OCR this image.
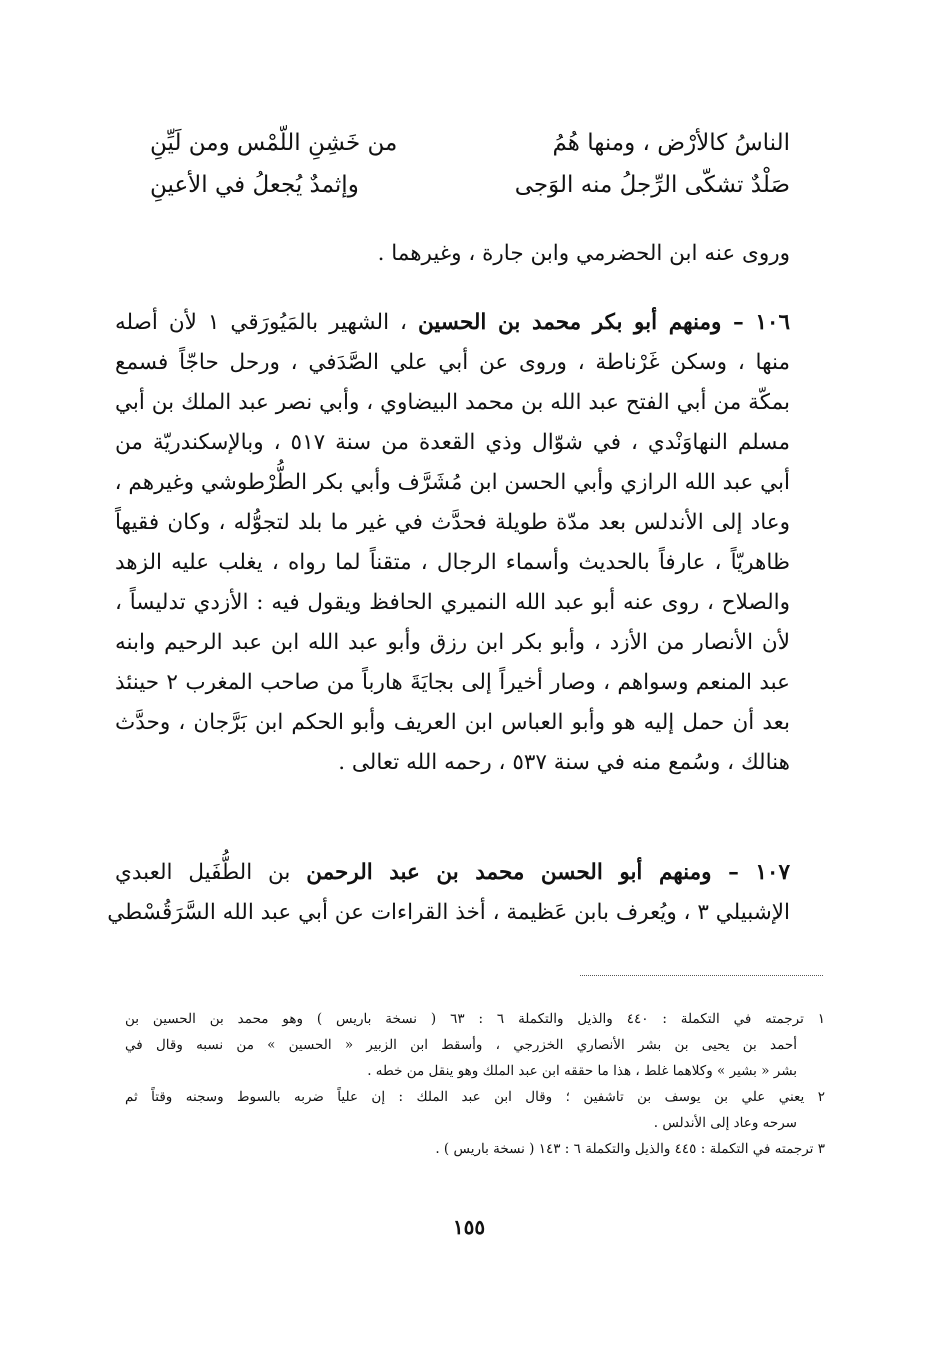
الناسُ كالأرْض ، ومنها هُمُ
من خَشِنِ اللّمْس ومن لَيِّنِ
صَلْدٌ تشكّى الرِّجلُ منه الوَجى
وإثمدٌ يُجعلُ في الأعينِ
وروى عنه ابن الحضرمي وابن جارة ، وغيرهما .
١٠٦ – ومنهم أبو بكر محمد بن الحسين ، الشهير بالمَيُورَقي ١ لأن أصله
منها ، وسكن غَرْناطة ، وروى عن أبي علي الصَّدَفي ، ورحل حاجّاً فسمع
بمكّة من أبي الفتح عبد الله بن محمد البيضاوي ، وأبي نصر عبد الملك بن أبي
مسلم النهاوَنْدي ، في شوّال وذي القعدة من سنة ٥١٧ ، وبالإسكندريّة من
أبي عبد الله الرازي وأبي الحسن ابن مُشَرَّف وأبي بكر الطُّرْطوشي وغيرهم ،
وعاد إلى الأندلس بعد مدّة طويلة فحدَّث في غير ما بلد لتجوُّله ، وكان فقيهاً
ظاهريّاً ، عارفاً بالحديث وأسماء الرجال ، متقناً لما رواه ، يغلب عليه الزهد
والصلاح ، روى عنه أبو عبد الله النميري الحافظ ويقول فيه : الأزدي تدليساً ،
لأن الأنصار من الأزد ، وأبو بكر ابن رزق وأبو عبد الله ابن عبد الرحيم وابنه
عبد المنعم وسواهم ، وصار أخيراً إلى بجايَةَ هارباً من صاحب المغرب ٢ حينئذ
بعد أن حمل إليه هو وأبو العباس ابن العريف وأبو الحكم ابن بَرَّجان ، وحدَّث
هنالك ، وسُمع منه في سنة ٥٣٧ ، رحمه الله تعالى .
١٠٧ – ومنهم أبو الحسن محمد بن عبد الرحمن بن الطُّفَيل العبدي
الإشبيلي ٣ ، ويُعرف بابن عَظيمة ، أخذ القراءات عن أبي عبد الله السَّرَقُسْطي
١ ترجمته في التكملة : ٤٤٠ والذيل والتكملة ٦ : ٦٣ ( نسخة باريس ) وهو محمد بن الحسين بن
أحمد بن يحيى بن بشر الأنصاري الخزرجي ، وأسقط ابن الزبير « الحسين » من نسبه وقال في
بشر « بشير » وكلاهما غلط ، هذا ما حققه ابن عبد الملك وهو ينقل من خطه .
٢ يعني علي بن يوسف بن تاشفين ؛ وقال ابن عبد الملك : إن علياً ضربه بالسوط وسجنه وقتاً ثم
سرحه وعاد إلى الأندلس .
٣ ترجمته في التكملة : ٤٤٥ والذيل والتكملة ٦ : ١٤٣ ( نسخة باريس ) .
١٥٥
